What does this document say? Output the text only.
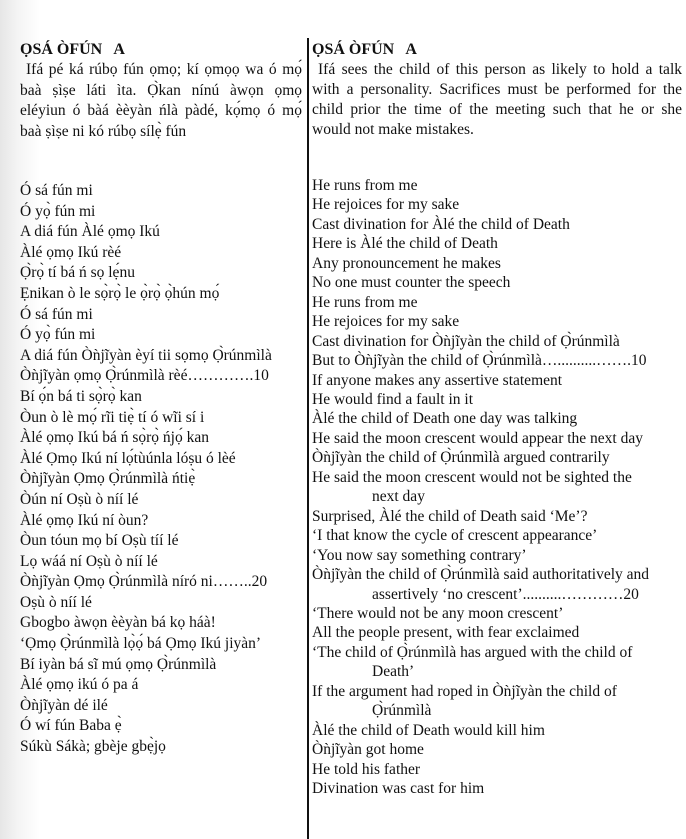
ỌSÁ ÒFÚN   A

Ifá pé ká rúbọ fún ọmọ; kí ọmọọ wa ó mọ́ baà ṣìṣe láti ìta. Ọ̀kan nínú àwọn ọmọ eléyiun ó bàá èèyàn ńlà pàdé, kọ́mọ ó mọ́ baà ṣìṣe ni kó rúbọ sílẹ̀ fún

Ó sá fún mi
Ó yọ̀ fún mi
A diá fún Àlé ọmọ Ikú
Àlé ọmọ Ikú rèé
Ọ̀rọ̀ tí bá ń sọ lẹ́nu
Ẹnikan ò le sọ̀rọ̀ le ọ̀rọ̀ ọ̀hún mọ́
Ó sá fún mi
Ó yọ̀ fún mi
A diá fún Òǹjĩyàn èyí tii sọmọ Ọ̀rúnmìlà
Òǹjĩyàn ọmọ Ọ̀rúnmìlà rèé………….10
Bí ọ́n bá ti sọ̀rọ̀ kan
Òun ò lè mọ́ rĩi tiẹ̀ tí ó wĩi sí i
Àlé ọmọ Ikú bá ń sọ̀rọ̀ ńjọ́ kan
Àlé Ọmọ Ikú ní lọ́tùúnla lóṣu ó lèé
Òǹjĩyàn Ọmọ Ọ̀rúnmìlà ńtiẹ̀
Òún ní Oṣù ò níí lé
Àlé ọmọ Ikú ní òun?
Òun tóun mọ bí Oṣù tíí lé
Lọ wáá ní Oṣù ò níí lé
Òǹjĩyàn Ọmọ Ọ̀rúnmìlà níró ni……..20
Oṣù ò níí lé
Gbogbo àwọn èèyàn bá kọ háà!
‘Ọmọ Ọ̀rúnmìlà lọ̀ọ́ bá Ọmọ Ikú jiyàn’
Bí iyàn bá sĩ mú ọmọ Ọ̀rúnmìlà
Àlé ọmọ ikú ó pa á
Òǹjĩyàn dé ilé
Ó wí fún Baba ẹ̀
Súkù Sákà; gbèje gbẹ̀jọ
ỌSÁ ÒFÚN   A

Ifá sees the child of this person as likely to hold a talk with a personality. Sacrifices must be performed for the child prior the time of the meeting such that he or she would not make mistakes.

He runs from me
He rejoices for my sake
Cast divination for Àlé the child of Death
Here is Àlé the child of Death
Any pronouncement he makes
No one must counter the speech
He runs from me
He rejoices for my sake
Cast divination for Òǹjĩyàn the child of Ọ̀rúnmìlà
But to Òǹjĩyàn the child of Ọ̀rúnmìlà…..........…….10
If anyone makes any assertive statement
He would find a fault in it
Àlé the child of Death one day was talking
He said the moon crescent would appear the next day
Òǹjĩyàn the child of Ọ̀rúnmìlà argued contrarily
He said the moon crescent would not be sighted the
next day
Surprised, Àlé the child of Death said ‘Me’?
‘I that know the cycle of crescent appearance’
‘You now say something contrary’
Òǹjĩyàn the child of Ọ̀rúnmìlà said authoritatively and
assertively ‘no crescent’..........…………20
‘There would not be any moon crescent’
All the people present, with fear exclaimed
‘The child of Ọ̀rúnmìlà has argued with the child of
Death’
If the argument had roped in Òǹjĩyàn the child of
Ọ̀rúnmìlà
Àlé the child of Death would kill him
Òǹjĩyàn got home
He told his father
Divination was cast for him
